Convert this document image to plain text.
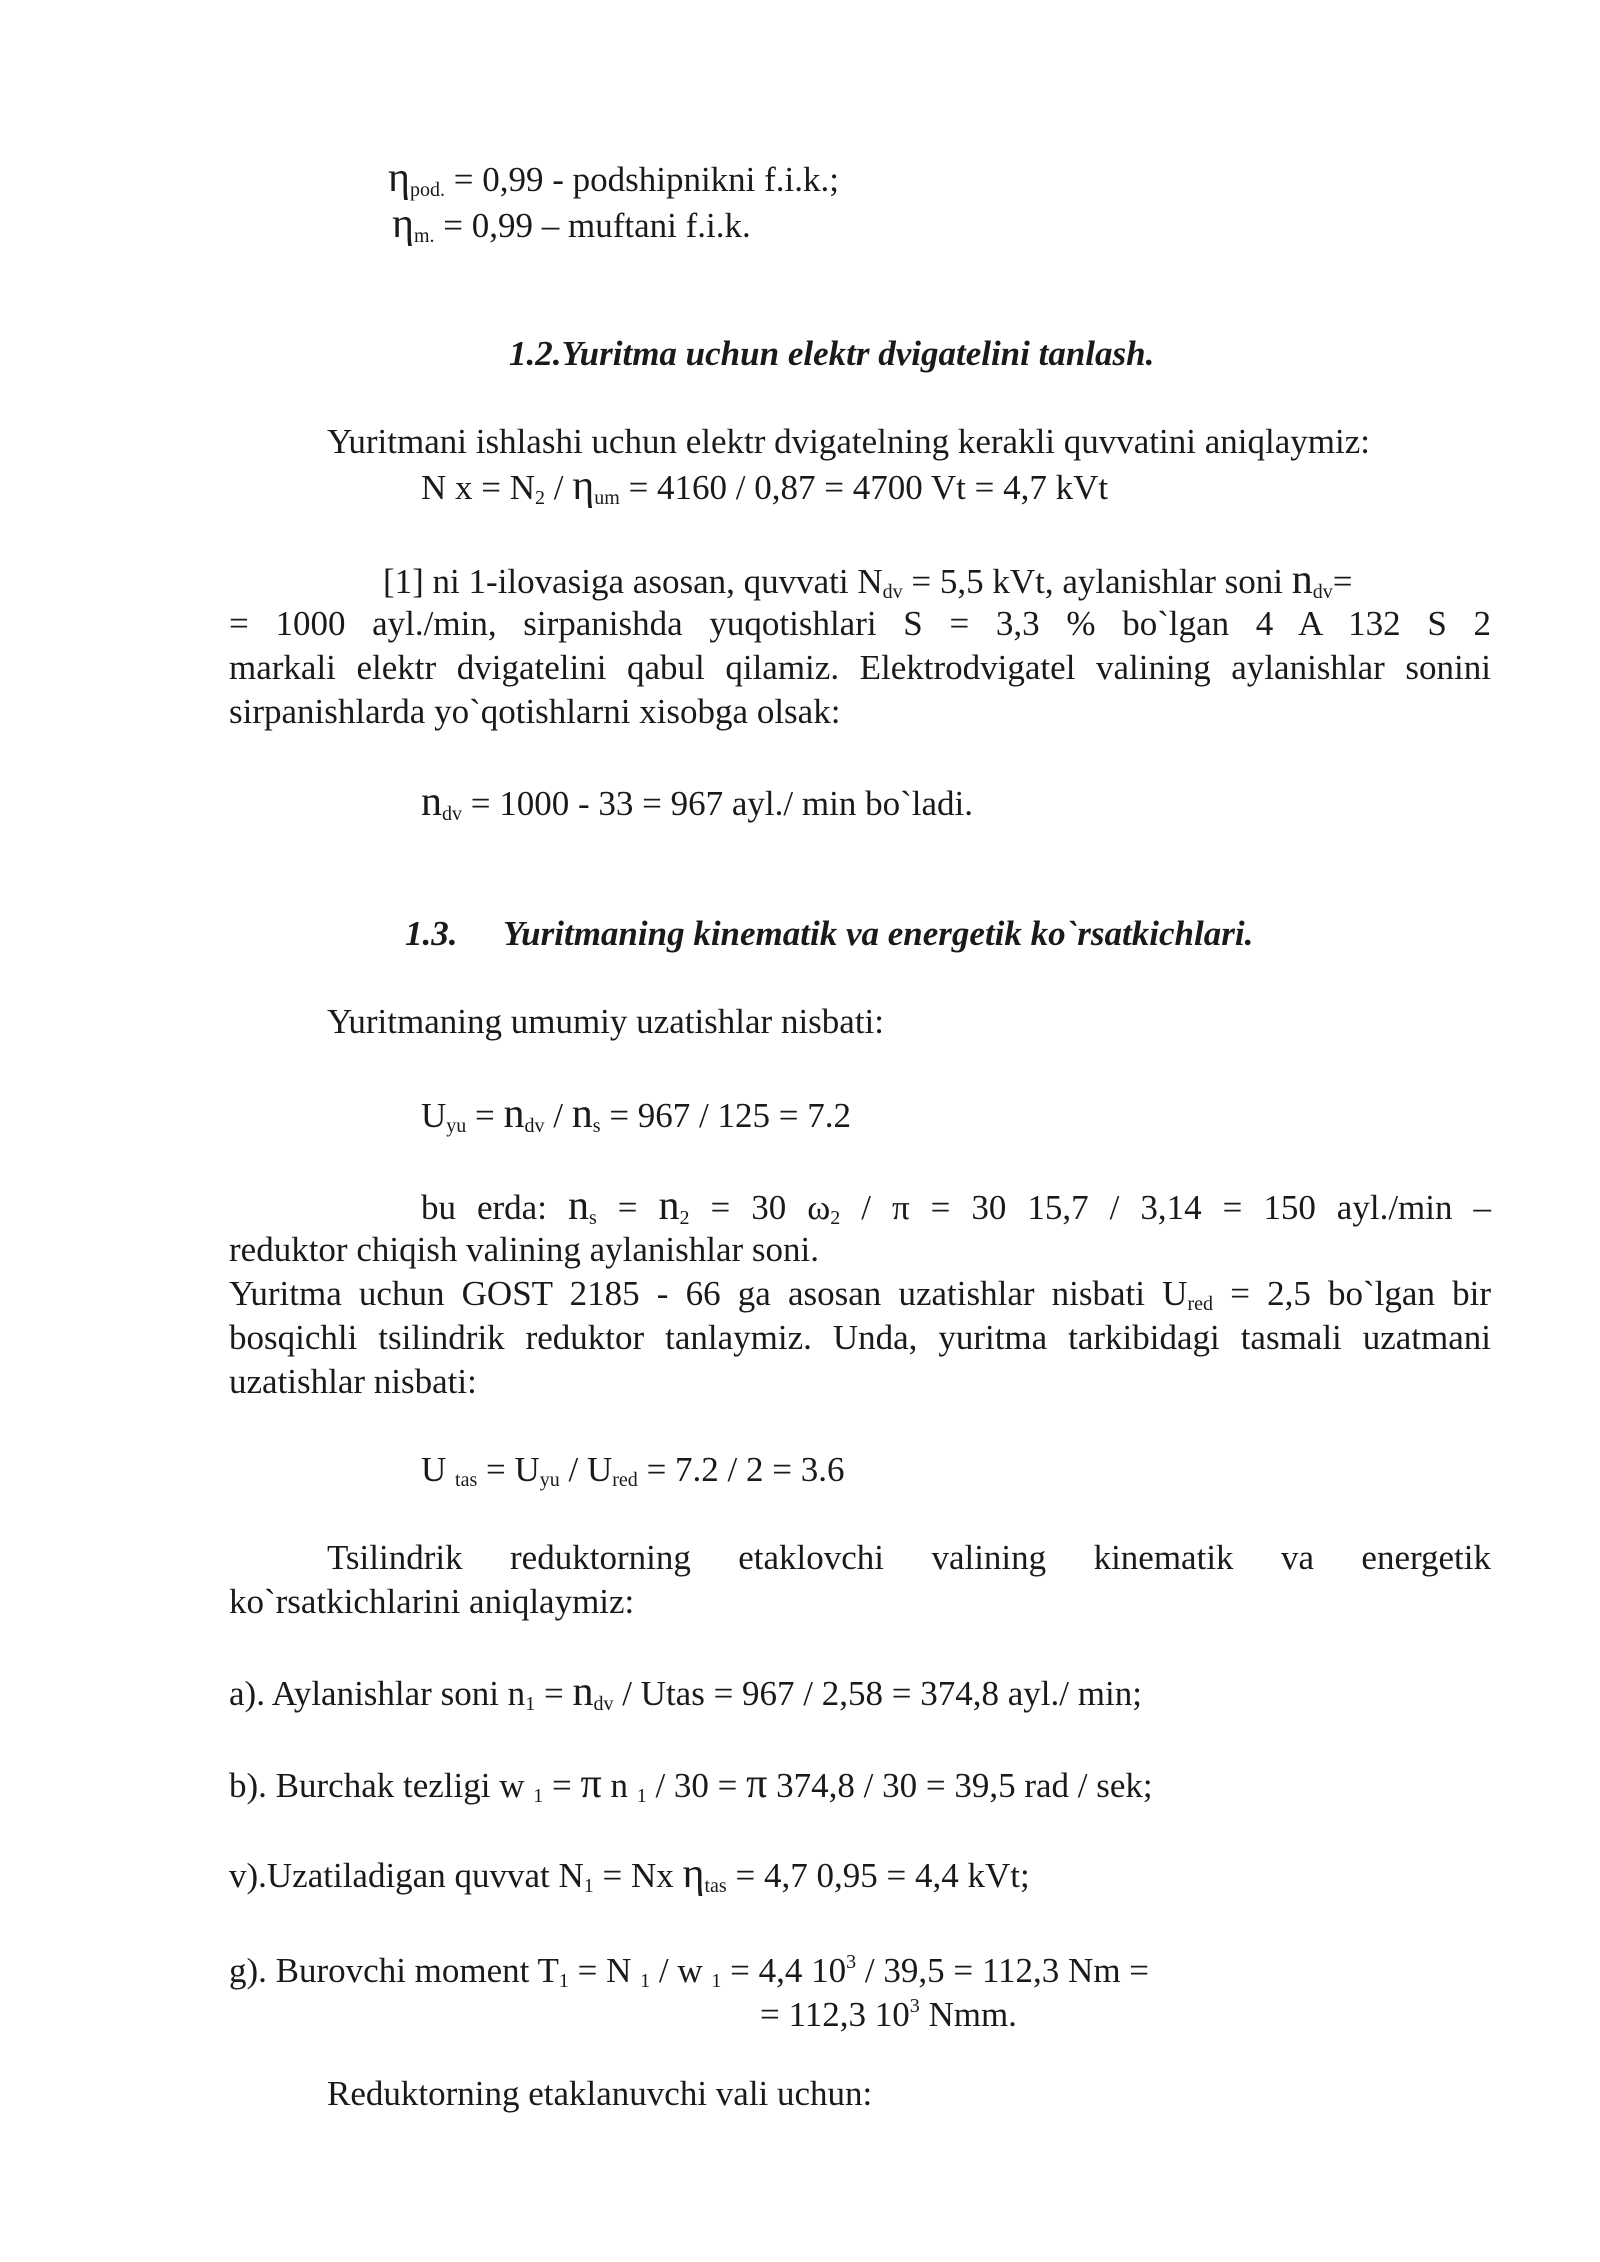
$\eta_{pod.} = 0,99$ - podshipnikni f.i.k.;
$\eta_{m.} = 0,99 - muftani$ f.i.k.
1.2.Yuritma uchun elektr dvigatelini tanlash.
Yuritmani ishlashi uchun elektr dvigatelning kerakli quvvatini aniqlaymiz:
N $x = N_2 / \eta_{um} = 4160 / 0,87 = 4700$ Vt = 4,7 kVt
[1] ni 1-ilovasiga asosan, quvvati $N_{dv} = 5,5$ kVt, aylanishlar soni $n_{dv}=$
= 1000 ayl./min, sirpanishda yuqotishlari S = 3,3 % bo`lgan 4 A 132 S 2
markali elektr dvigatelini qabul qilamiz. Elektrodvigatel valining aylanishlar sonini
sirpanishlarda yo`qotishlarni xisobga olsak:
$n_{dv} = 1000 - 33 = 967$ ayl./ min bo`ladi.
1.3. Yuritmaning kinematik va energetik ko`rsatkichlari.
Yuritmaning umumiy uzatishlar nisbati:
$U_{yu} = n_{dv} / n_s = 967 / 125 = 7.2$
bu erda: $n_s = n_2 = 30$ $\omega_2 / \pi = 30$ 15,7 / 3,14 = 150 ayl./min –
reduktor chiqish valining aylanishlar soni.
Yuritma uchun GOST 2185 - 66 ga asosan uzatishlar nisbati $U_{red} = 2,5$ bo`lgan bir
bosqichli tsilindrik reduktor tanlaymiz. Unda, yuritma tarkibidagi tasmali uzatmani
uzatishlar nisbati:
U $_{tas} = U_{yu} / U_{red} = 7.2 / 2 = 3.6$
Tsilindrik reduktorning etaklovchi valining kinematik va energetik
ko`rsatkichlarini aniqlaymiz:
a). Aylanishlar soni $n_1 = n_{dv}$ / Utas = 967 / 2,58 = 374,8 ayl./ min;
b). Burchak tezligi w $_1$ = π n $_1$ / 30 = π 374,8 / 30 = 39,5 rad / sek;
v).Uzatiladigan quvvat $N_1 = Nx$ $\eta_{tas} = 4,7$ 0,95 = 4,4 kVt;
g). Burovchi moment $T_1 = N$ $_1$ / w $_1$ = 4,4 $10^3 / 39,5 = 112,3$ Nm =
= 112,3 $10^3$ Nmm.
Reduktorning etaklanuvchi vali uchun:
